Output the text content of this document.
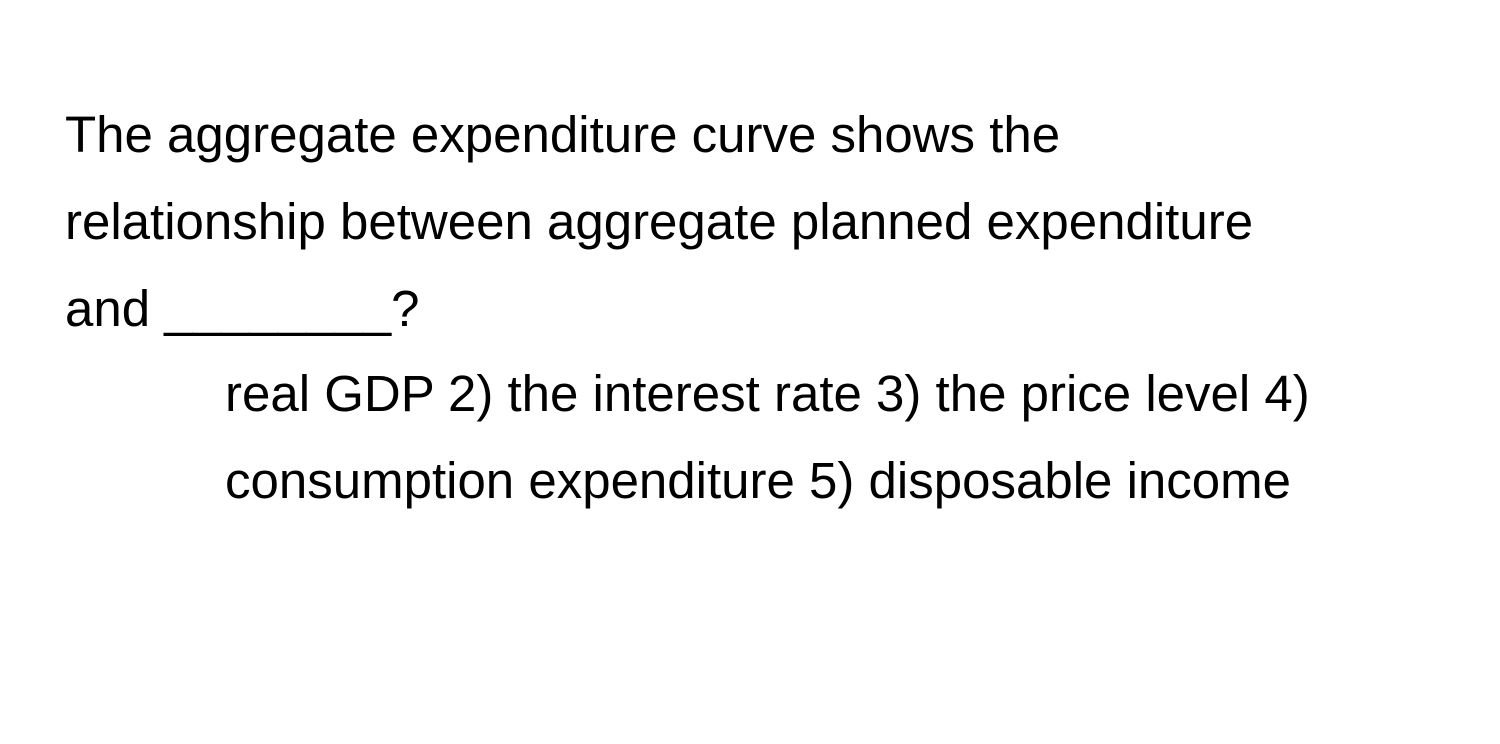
The aggregate expenditure curve shows the relationship between aggregate planned expenditure and ________?

real GDP 2) the interest rate 3) the price level 4) consumption expenditure 5) disposable income
